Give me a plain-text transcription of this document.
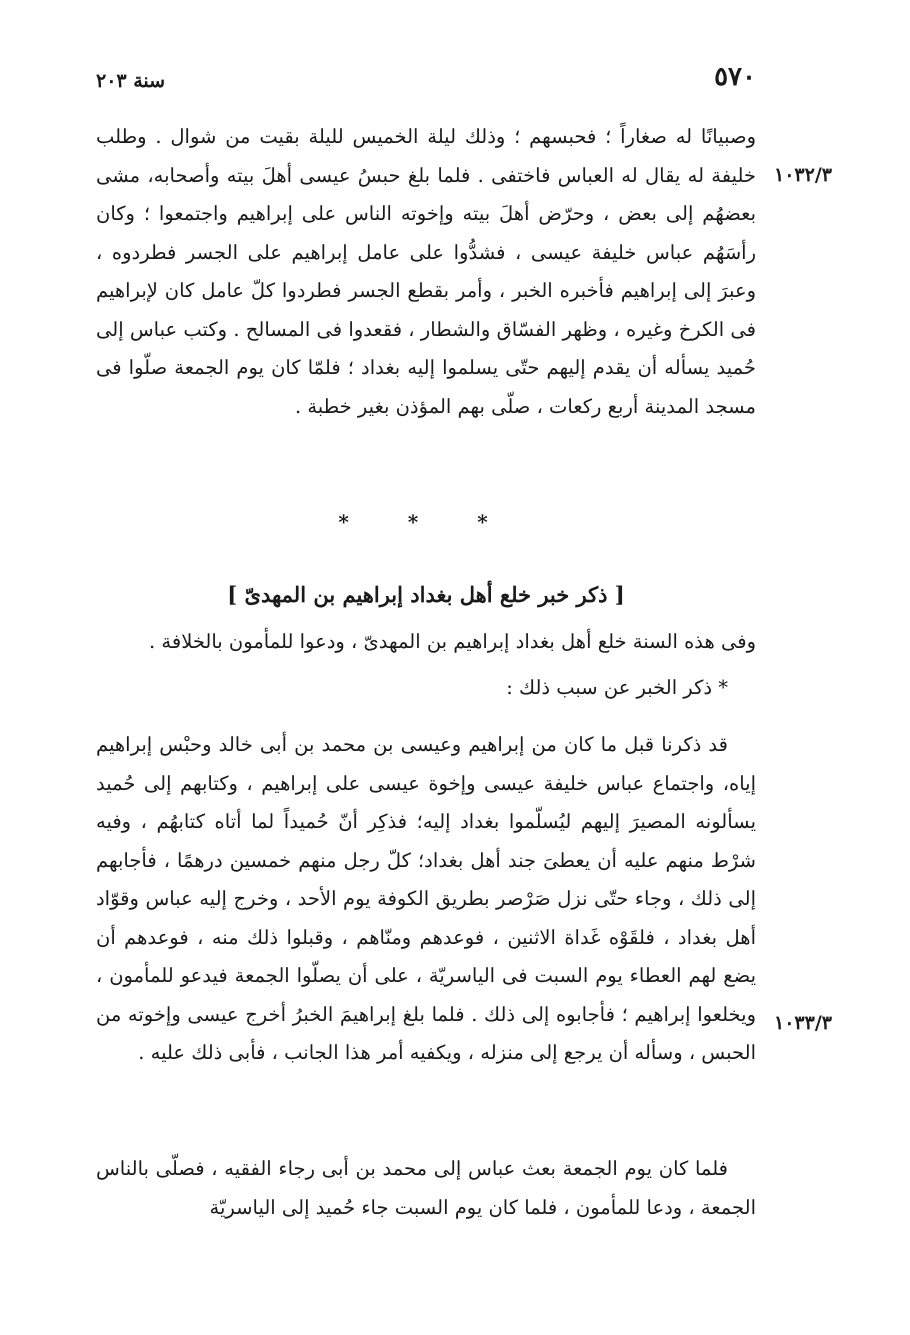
٥٧٠
سنة ٢٠٣
١٠٣٢/٣
١٠٣٣/٣

وصبيانًا له صغاراً ؛ فحبسهم ؛ وذلك ليلة الخميس لليلة بقيت من شوال . وطلب خليفة له يقال له العباس فاختفى . فلما بلغ حبسُ عيسى أهلَ بيته وأصحابه، مشى بعضهُم إلى بعض ، وحرّض أهلَ بيته وإخوته الناس على إبراهيم واجتمعوا ؛ وكان رأسَهُم عباس خليفة عيسى ، فشدُّوا على عامل إبراهيم على الجسر فطردوه ، وعبرَ إلى إبراهيم فأخبره الخبر ، وأمر بقطع الجسر فطردوا كلّ عامل كان لإبراهيم فى الكرخ وغيره ، وظهر الفسّاق والشطار ، فقعدوا فى المسالح . وكتب عباس إلى حُميد يسأله أن يقدم إليهم حتّى يسلموا إليه بغداد ؛ فلمّا كان يوم الجمعة صلّوا فى مسجد المدينة أربع ركعات ، صلّى بهم المؤذن بغير خطبة .

* * *
[ ذكر خبر خلع أهل بغداد إبراهيم بن المهدىّ ]
وفى هذه السنة خلع أهل بغداد إبراهيم بن المهدىّ ، ودعوا للمأمون بالخلافة .
* ذكر الخبر عن سبب ذلك :

قد ذكرنا قبل ما كان من إبراهيم وعيسى بن محمد بن أبى خالد وحبْس إبراهيم إياه، واجتماع عباس خليفة عيسى وإخوة عيسى على إبراهيم ، وكتابهم إلى حُميد يسألونه المصيرَ إليهم ليُسلّموا بغداد إليه؛ فذكِر أنّ حُميداً لما أتاه كتابهُم ، وفيه شرْط منهم عليه أن يعطىَ جند أهل بغداد؛ كلّ رجل منهم خمسين درهمًا ، فأجابهم إلى ذلك ، وجاء حتّى نزل صَرْصر بطريق الكوفة يوم الأحد ، وخرج إليه عباس وقوّاد أهل بغداد ، فلقَوْه غَداة الاثنين ، فوعدهم ومنّاهم ، وقبلوا ذلك منه ، فوعدهم أن يضع لهم العطاء يوم السبت فى الياسريّة ، على أن يصلّوا الجمعة فيدعو للمأمون ، ويخلعوا إبراهيم ؛ فأجابوه إلى ذلك . فلما بلغ إبراهيمَ الخبرُ أخرج عيسى وإخوته من الحبس ، وسأله أن يرجع إلى منزله ، ويكفيه أمر هذا الجانب ، فأبى ذلك عليه .

فلما كان يوم الجمعة بعث عباس إلى محمد بن أبى رجاء الفقيه ، فصلّى بالناس الجمعة ، ودعا للمأمون ، فلما كان يوم السبت جاء حُميد إلى الياسريّة
